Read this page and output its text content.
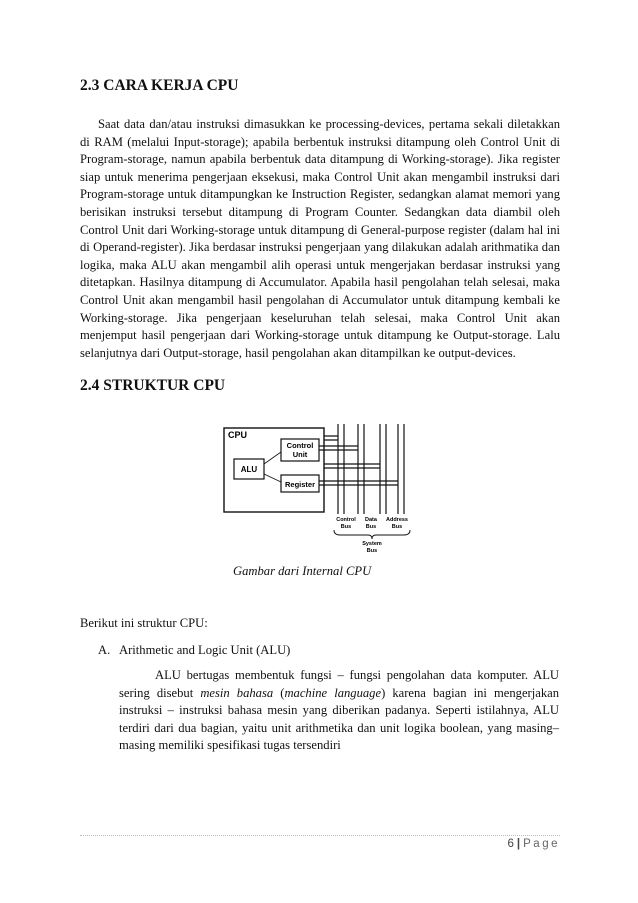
2.3 CARA KERJA CPU

Saat data dan/atau instruksi dimasukkan ke processing-devices, pertama sekali diletakkan di RAM (melalui Input-storage); apabila berbentuk instruksi ditampung oleh Control Unit di Program-storage, namun apabila berbentuk data ditampung di Working-storage). Jika register siap untuk menerima pengerjaan eksekusi, maka Control Unit akan mengambil instruksi dari Program-storage untuk ditampungkan ke Instruction Register, sedangkan alamat memori yang berisikan instruksi tersebut ditampung di Program Counter. Sedangkan data diambil oleh Control Unit dari Working-storage untuk ditampung di General-purpose register (dalam hal ini di Operand-register). Jika berdasar instruksi pengerjaan yang dilakukan adalah arithmatika dan logika, maka ALU akan mengambil alih operasi untuk mengerjakan berdasar instruksi yang ditetapkan. Hasilnya ditampung di Accumulator. Apabila hasil pengolahan telah selesai, maka Control Unit akan mengambil hasil pengolahan di Accumulator untuk ditampung kembali ke Working-storage. Jika pengerjaan keseluruhan telah selesai, maka Control Unit akan menjemput hasil pengerjaan dari Working-storage untuk ditampung ke Output-storage. Lalu selanjutnya dari Output-storage, hasil pengolahan akan ditampilkan ke output-devices.

2.4 STRUKTUR CPU
CPU
Control
Unit
ALU
Register
Control
Bus
Data
Bus
Address
Bus
System
Bus
Gambar dari Internal CPU
Berikut ini struktur CPU:
A. Arithmetic and Logic Unit (ALU)

ALU bertugas membentuk fungsi – fungsi pengolahan data komputer. ALU sering disebut mesin bahasa (machine language) karena bagian ini mengerjakan instruksi – instruksi bahasa mesin yang diberikan padanya. Seperti istilahnya, ALU terdiri dari dua bagian, yaitu unit arithmetika dan unit logika boolean, yang masing–masing memiliki spesifikasi tugas tersendiri

6 | Page
